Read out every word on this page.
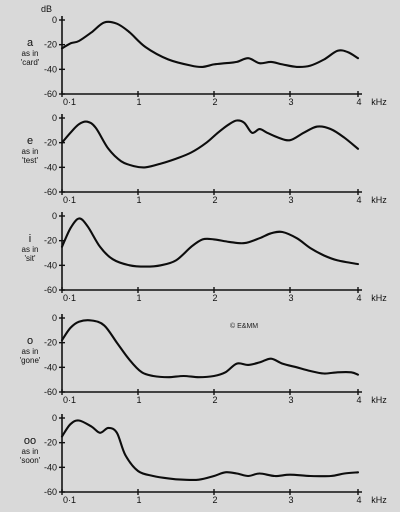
dB
© E&MM
0
-20
-40
-60
0·1	1	2	3	4 kHz
a
as in
'card'
0
-20
-40
-60
0·1	1	2	3	4 kHz
e
as in
'test'
0
-20
-40
-60
0·1	1	2	3	4 kHz
i
as in
'sit'
0
-20
-40
-60
0·1	1	2	3	4 kHz
o
as in
'gone'
0
-20
-40
-60
0·1	1	2	3	4 kHz
oo
as in
'soon'
